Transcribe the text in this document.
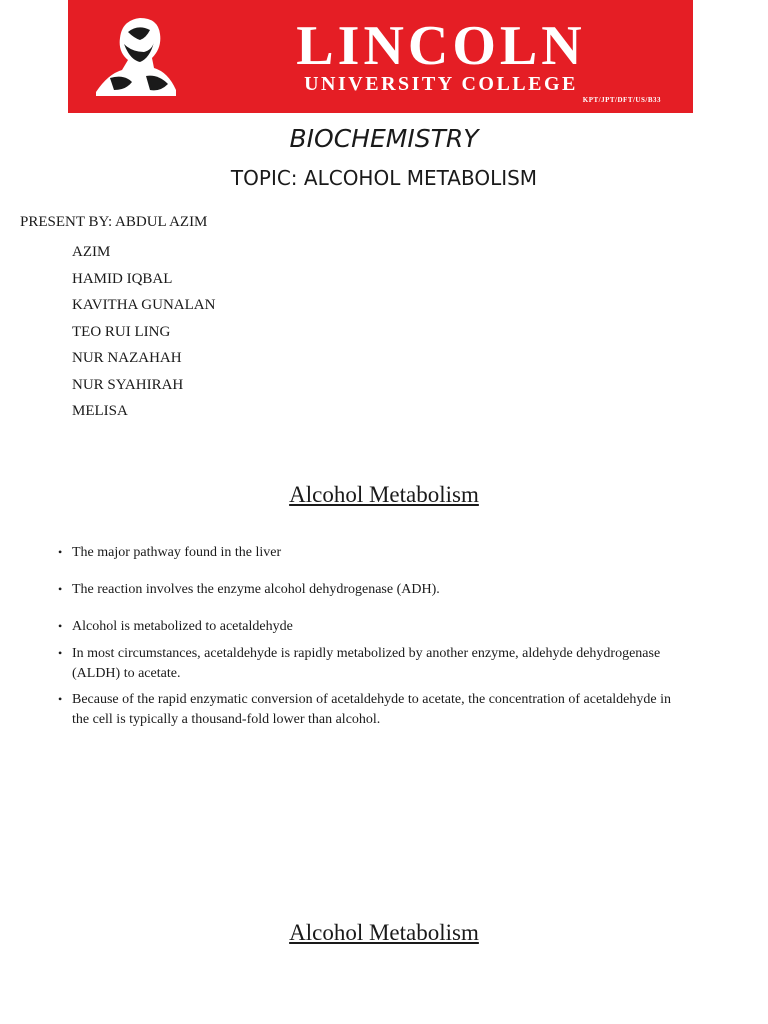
LINCOLN
UNIVERSITY COLLEGE
KPT/JPT/DFT/US/B33
BIOCHEMISTRY
TOPIC: ALCOHOL METABOLISM
PRESENT BY: ABDUL AZIM
AZIM
HAMID IQBAL
KAVITHA GUNALAN
TEO RUI LING
NUR NAZAHAH
NUR SYAHIRAH
MELISA
Alcohol Metabolism
• The major pathway found in the liver
• The reaction involves the enzyme alcohol dehydrogenase (ADH).
• Alcohol is metabolized to acetaldehyde
• In most circumstances, acetaldehyde is rapidly metabolized by another enzyme, aldehyde dehydrogenase (ALDH) to acetate.
• Because of the rapid enzymatic conversion of acetaldehyde to acetate, the concentration of acetaldehyde in the cell is typically a thousand-fold lower than alcohol.
Alcohol Metabolism
